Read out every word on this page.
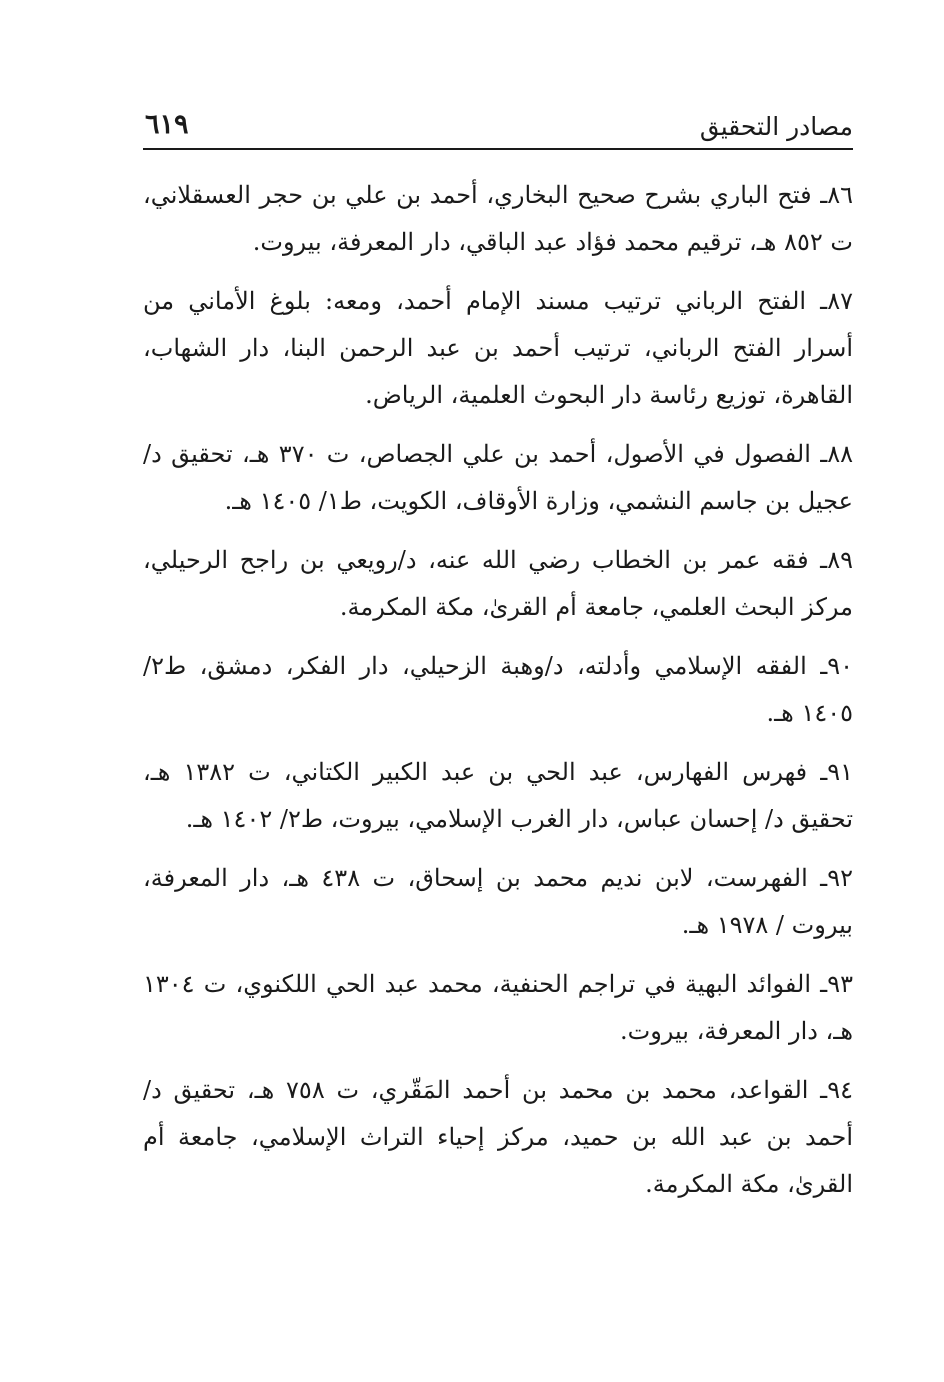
مصادر التحقيق
٦١٩

٨٦ـ فتح الباري بشرح صحيح البخاري، أحمد بن علي بن حجر العسقلاني، ت ٨٥٢ هـ، ترقيم محمد فؤاد عبد الباقي، دار المعرفة، بيروت.

٨٧ـ الفتح الرباني ترتيب مسند الإمام أحمد، ومعه: بلوغ الأماني من أسرار الفتح الرباني، ترتيب أحمد بن عبد الرحمن البنا، دار الشهاب، القاهرة، توزيع رئاسة دار البحوث العلمية، الرياض.

٨٨ـ الفصول في الأصول، أحمد بن علي الجصاص، ت ٣٧٠ هـ، تحقيق د/ عجيل بن جاسم النشمي، وزارة الأوقاف، الكويت، ط١/ ١٤٠٥ هـ.

٨٩ـ فقه عمر بن الخطاب رضي الله عنه، د/رويعي بن راجح الرحيلي، مركز البحث العلمي، جامعة أم القرىٰ، مكة المكرمة.

٩٠ـ الفقه الإسلامي وأدلته، د/وهبة الزحيلي، دار الفكر، دمشق، ط٢/ ١٤٠٥ هـ.

٩١ـ فهرس الفهارس، عبد الحي بن عبد الكبير الكتاني، ت ١٣٨٢ هـ، تحقيق د/ إحسان عباس، دار الغرب الإسلامي، بيروت، ط٢/ ١٤٠٢ هـ.

٩٢ـ الفهرست، لابن نديم محمد بن إسحاق، ت ٤٣٨ هـ، دار المعرفة، بيروت / ١٩٧٨ هـ.

٩٣ـ الفوائد البهية في تراجم الحنفية، محمد عبد الحي اللكنوي، ت ١٣٠٤ هـ، دار المعرفة، بيروت.

٩٤ـ القواعد، محمد بن محمد بن أحمد المَقّري، ت ٧٥٨ هـ، تحقيق د/ أحمد بن عبد الله بن حميد، مركز إحياء التراث الإسلامي، جامعة أم القرىٰ، مكة المكرمة.
